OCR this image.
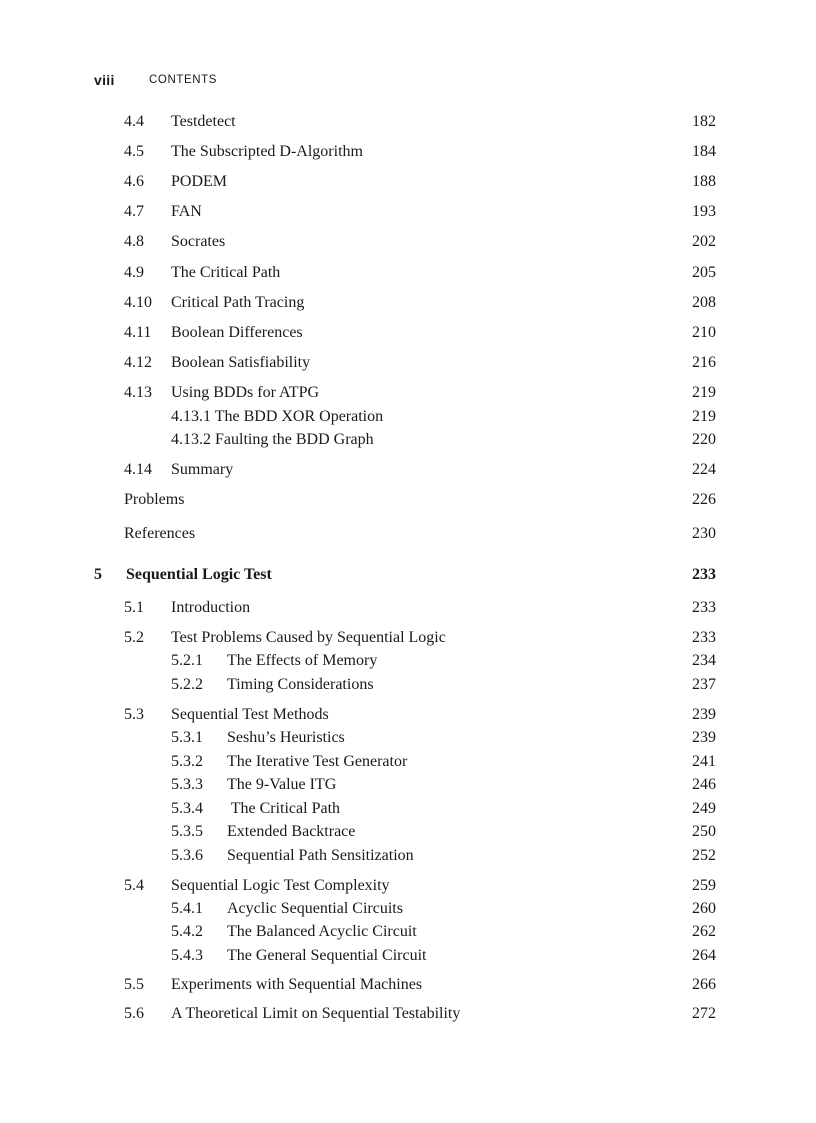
viii	CONTENTS
4.4 Testdetect	182
4.5 The Subscripted D-Algorithm	184
4.6 PODEM	188
4.7 FAN	193
4.8 Socrates	202
4.9 The Critical Path	205
4.10 Critical Path Tracing	208
4.11 Boolean Differences	210
4.12 Boolean Satisfiability	216
4.13 Using BDDs for ATPG	219
4.13.1 The BDD XOR Operation	219
4.13.2 Faulting the BDD Graph	220
4.14 Summary	224
Problems	226
References	230
5 Sequential Logic Test	233
5.1 Introduction	233
5.2 Test Problems Caused by Sequential Logic	233
5.2.1 The Effects of Memory	234
5.2.2 Timing Considerations	237
5.3 Sequential Test Methods	239
5.3.1 Seshu’s Heuristics	239
5.3.2 The Iterative Test Generator	241
5.3.3 The 9-Value ITG	246
5.3.4 The Critical Path	249
5.3.5 Extended Backtrace	250
5.3.6 Sequential Path Sensitization	252
5.4 Sequential Logic Test Complexity	259
5.4.1 Acyclic Sequential Circuits	260
5.4.2 The Balanced Acyclic Circuit	262
5.4.3 The General Sequential Circuit	264
5.5 Experiments with Sequential Machines	266
5.6 A Theoretical Limit on Sequential Testability	272
